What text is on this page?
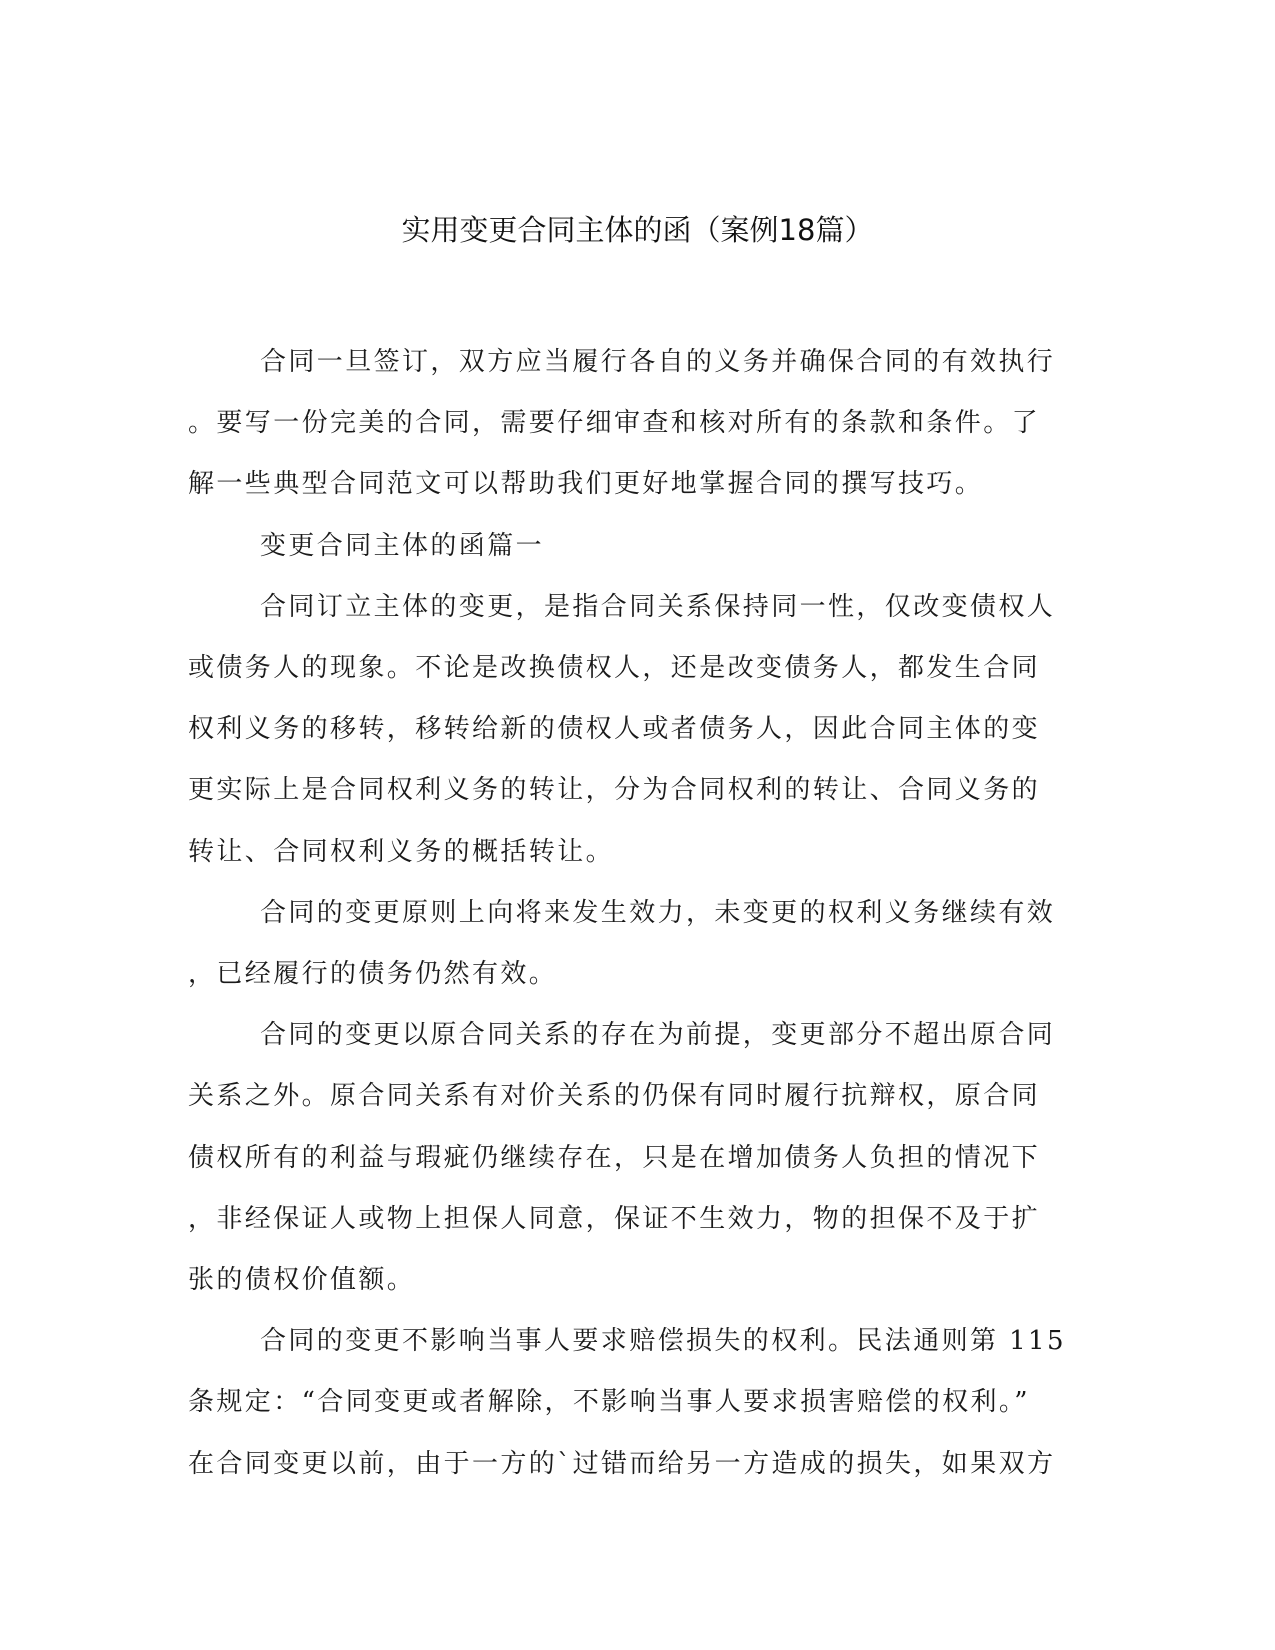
实用变更合同主体的函（案例18篇）

合同一旦签订，双方应当履行各自的义务并确保合同的有效执行
。要写一份完美的合同，需要仔细审查和核对所有的条款和条件。了
解一些典型合同范文可以帮助我们更好地掌握合同的撰写技巧。

变更合同主体的函篇一

合同订立主体的变更，是指合同关系保持同一性，仅改变债权人
或债务人的现象。不论是改换债权人，还是改变债务人，都发生合同
权利义务的移转，移转给新的债权人或者债务人，因此合同主体的变
更实际上是合同权利义务的转让，分为合同权利的转让、合同义务的
转让、合同权利义务的概括转让。

合同的变更原则上向将来发生效力，未变更的权利义务继续有效
，已经履行的债务仍然有效。

合同的变更以原合同关系的存在为前提，变更部分不超出原合同
关系之外。原合同关系有对价关系的仍保有同时履行抗辩权，原合同
债权所有的利益与瑕疵仍继续存在，只是在增加债务人负担的情况下
，非经保证人或物上担保人同意，保证不生效力，物的担保不及于扩
张的债权价值额。

合同的变更不影响当事人要求赔偿损失的权利。民法通则第 115
条规定：“合同变更或者解除，不影响当事人要求损害赔偿的权利。”
在合同变更以前，由于一方的`过错而给另一方造成的损失，如果双方
